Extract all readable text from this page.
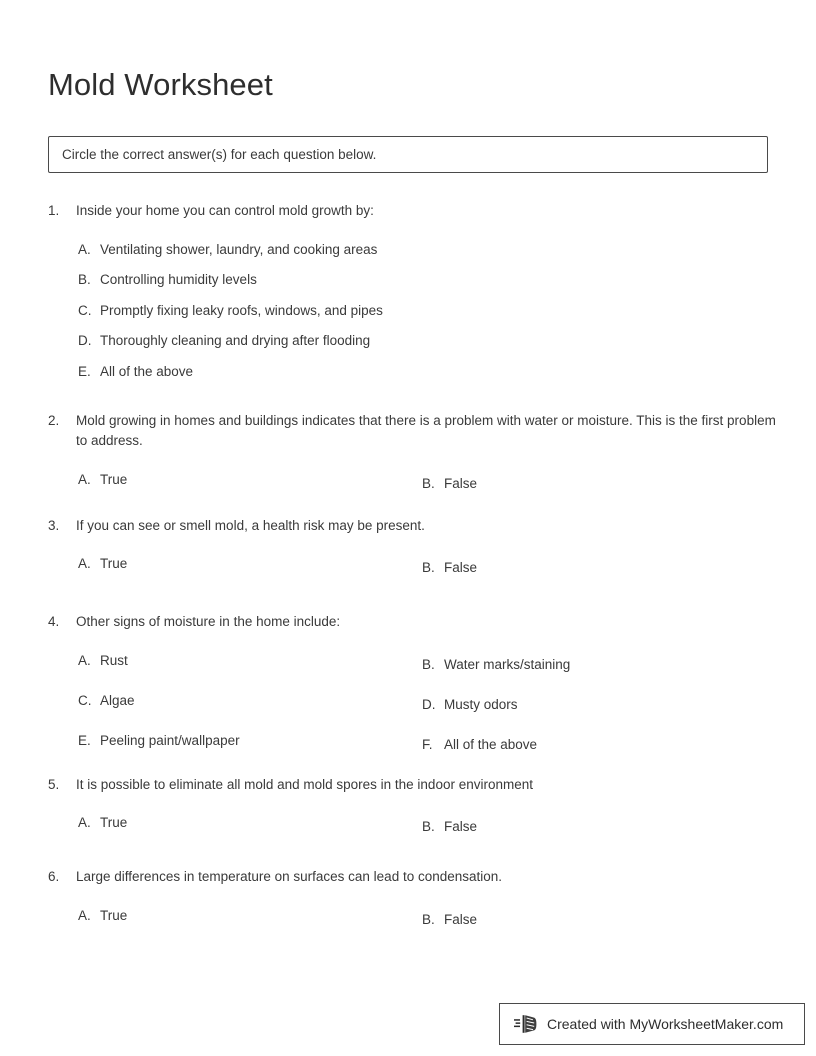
Mold Worksheet
Circle the correct answer(s) for each question below.
1.	Inside your home you can control mold growth by:
A. Ventilating shower, laundry, and cooking areas
B. Controlling humidity levels
C. Promptly fixing leaky roofs, windows, and pipes
D. Thoroughly cleaning and drying after flooding
E. All of the above
2.	Mold growing in homes and buildings indicates that there is a problem with water or moisture. This is the first problem to address.
A. True	B. False
3.	If you can see or smell mold, a health risk may be present.
A. True	B. False
4.	Other signs of moisture in the home include:
A. Rust	B. Water marks/staining
C. Algae	D. Musty odors
E. Peeling paint/wallpaper	F. All of the above
5.	It is possible to eliminate all mold and mold spores in the indoor environment
A. True	B. False
6.	Large differences in temperature on surfaces can lead to condensation.
A. True	B. False
Created with MyWorksheetMaker.com
